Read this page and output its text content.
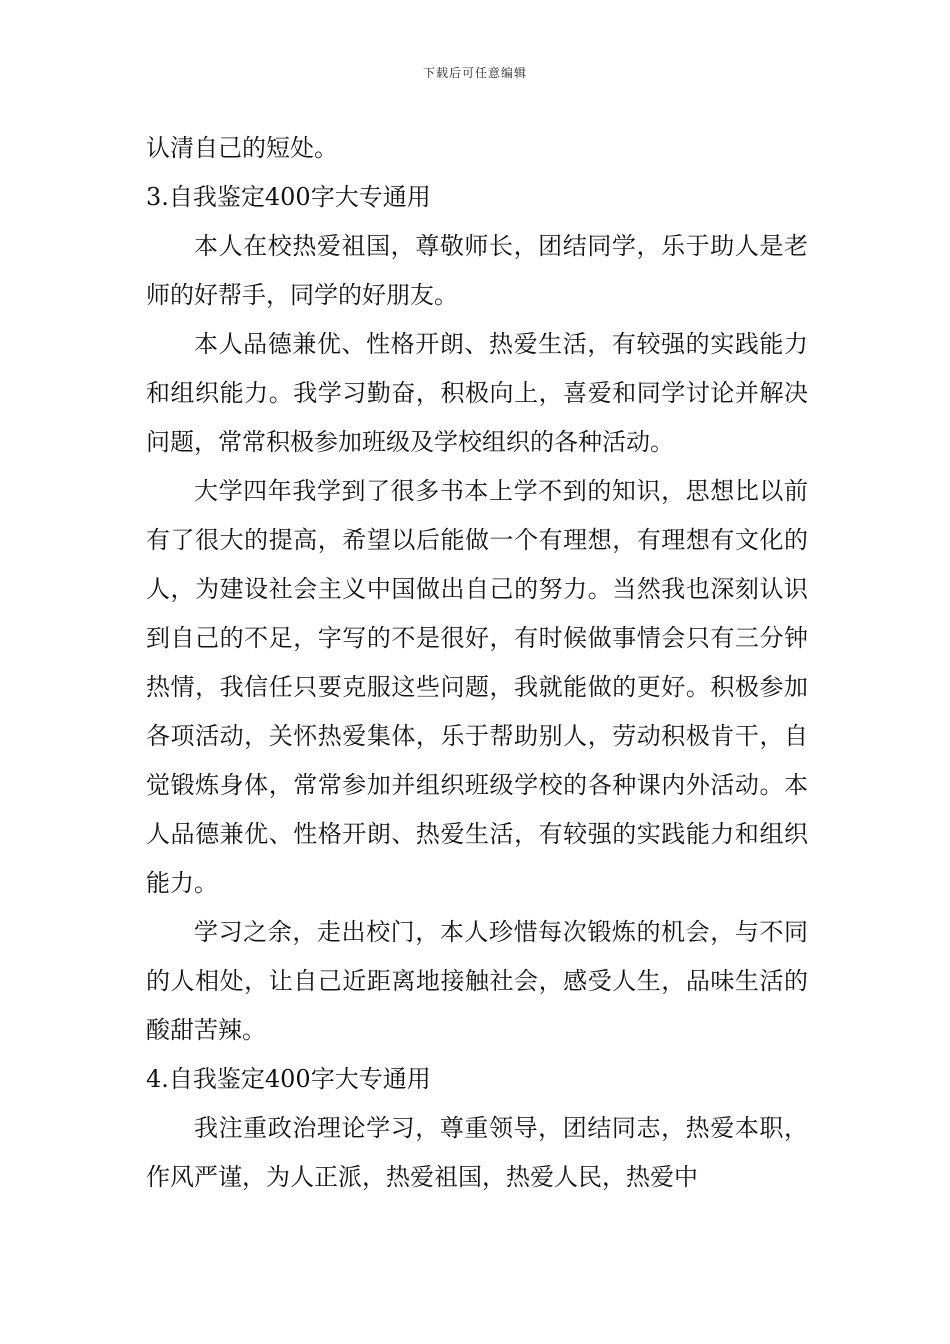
下载后可任意编辑

认清自己的短处。

3.自我鉴定400字大专通用

本人在校热爱祖国，尊敬师长，团结同学，乐于助人是老师的好帮手，同学的好朋友。

本人品德兼优、性格开朗、热爱生活，有较强的实践能力和组织能力。我学习勤奋，积极向上，喜爱和同学讨论并解决问题，常常积极参加班级及学校组织的各种活动。

大学四年我学到了很多书本上学不到的知识，思想比以前有了很大的提高，希望以后能做一个有理想，有理想有文化的人，为建设社会主义中国做出自己的努力。当然我也深刻认识到自己的不足，字写的不是很好，有时候做事情会只有三分钟热情，我信任只要克服这些问题，我就能做的更好。积极参加各项活动，关怀热爱集体，乐于帮助别人，劳动积极肯干，自觉锻炼身体，常常参加并组织班级学校的各种课内外活动。本人品德兼优、性格开朗、热爱生活，有较强的实践能力和组织能力。

学习之余，走出校门，本人珍惜每次锻炼的机会，与不同的人相处，让自己近距离地接触社会，感受人生，品味生活的酸甜苦辣。

4.自我鉴定400字大专通用

我注重政治理论学习，尊重领导，团结同志，热爱本职，作风严谨，为人正派，热爱祖国，热爱人民，热爱中
